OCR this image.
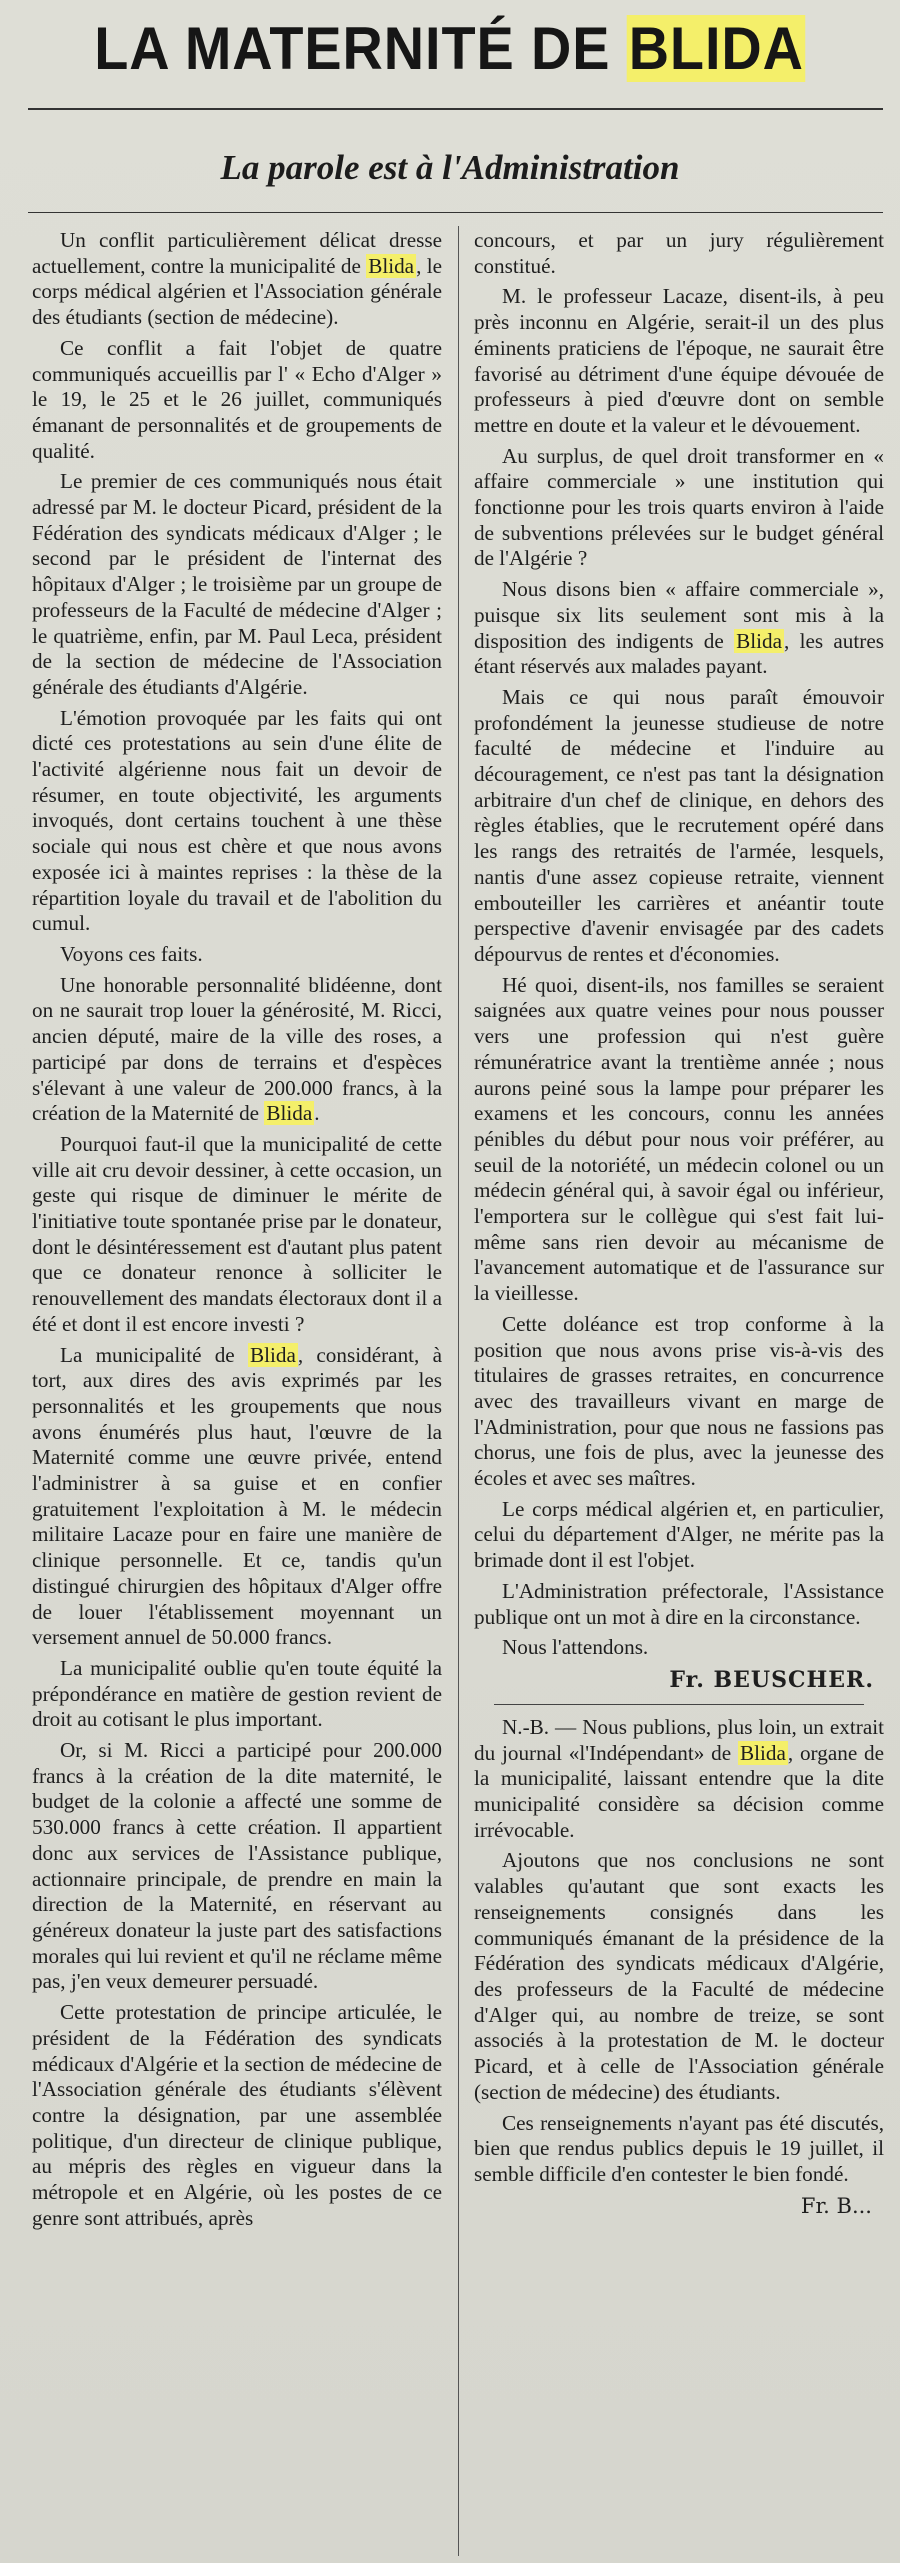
LA MATERNITÉ DE BLIDA
La parole est à l'Administration

Un conflit particulièrement délicat dresse actuellement, contre la municipalité de Blida, le corps médical algérien et l'Association générale des étudiants (section de médecine).

Ce conflit a fait l'objet de quatre communiqués accueillis par l' « Echo d'Alger » le 19, le 25 et le 26 juillet, communiqués émanant de personnalités et de groupements de qualité.

Le premier de ces communiqués nous était adressé par M. le docteur Picard, président de la Fédération des syndicats médicaux d'Alger ; le second par le président de l'internat des hôpitaux d'Alger ; le troisième par un groupe de professeurs de la Faculté de médecine d'Alger ; le quatrième, enfin, par M. Paul Leca, président de la section de médecine de l'Association générale des étudiants d'Algérie.

L'émotion provoquée par les faits qui ont dicté ces protestations au sein d'une élite de l'activité algérienne nous fait un devoir de résumer, en toute objectivité, les arguments invoqués, dont certains touchent à une thèse sociale qui nous est chère et que nous avons exposée ici à maintes reprises : la thèse de la répartition loyale du travail et de l'abolition du cumul.

Voyons ces faits.

Une honorable personnalité blidéenne, dont on ne saurait trop louer la générosité, M. Ricci, ancien député, maire de la ville des roses, a participé par dons de terrains et d'espèces s'élevant à une valeur de 200.000 francs, à la création de la Maternité de Blida.

Pourquoi faut-il que la municipalité de cette ville ait cru devoir dessiner, à cette occasion, un geste qui risque de diminuer le mérite de l'initiative toute spontanée prise par le donateur, dont le désintéressement est d'autant plus patent que ce donateur renonce à solliciter le renouvellement des mandats électoraux dont il a été et dont il est encore investi ?

La municipalité de Blida, considérant, à tort, aux dires des avis exprimés par les personnalités et les groupements que nous avons énumérés plus haut, l'œuvre de la Maternité comme une œuvre privée, entend l'administrer à sa guise et en confier gratuitement l'exploitation à M. le médecin militaire Lacaze pour en faire une manière de clinique personnelle. Et ce, tandis qu'un distingué chirurgien des hôpitaux d'Alger offre de louer l'établissement moyennant un versement annuel de 50.000 francs.

La municipalité oublie qu'en toute équité la prépondérance en matière de gestion revient de droit au cotisant le plus important.

Or, si M. Ricci a participé pour 200.000 francs à la création de la dite maternité, le budget de la colonie a affecté une somme de 530.000 francs à cette création. Il appartient donc aux services de l'Assistance publique, actionnaire principale, de prendre en main la direction de la Maternité, en réservant au généreux donateur la juste part des satisfactions morales qui lui revient et qu'il ne réclame même pas, j'en veux demeurer persuadé.

Cette protestation de principe articulée, le président de la Fédération des syndicats médicaux d'Algérie et la section de médecine de l'Association générale des étudiants s'élèvent contre la désignation, par une assemblée politique, d'un directeur de clinique publique, au mépris des règles en vigueur dans la métropole et en Algérie, où les postes de ce genre sont attribués, après

concours, et par un jury régulièrement constitué.

M. le professeur Lacaze, disent-ils, à peu près inconnu en Algérie, serait-il un des plus éminents praticiens de l'époque, ne saurait être favorisé au détriment d'une équipe dévouée de professeurs à pied d'œuvre dont on semble mettre en doute et la valeur et le dévouement.

Au surplus, de quel droit transformer en « affaire commerciale » une institution qui fonctionne pour les trois quarts environ à l'aide de subventions prélevées sur le budget général de l'Algérie ?

Nous disons bien « affaire commerciale », puisque six lits seulement sont mis à la disposition des indigents de Blida, les autres étant réservés aux malades payant.

Mais ce qui nous paraît émouvoir profondément la jeunesse studieuse de notre faculté de médecine et l'induire au découragement, ce n'est pas tant la désignation arbitraire d'un chef de clinique, en dehors des règles établies, que le recrutement opéré dans les rangs des retraités de l'armée, lesquels, nantis d'une assez copieuse retraite, viennent embouteiller les carrières et anéantir toute perspective d'avenir envisagée par des cadets dépourvus de rentes et d'économies.

Hé quoi, disent-ils, nos familles se seraient saignées aux quatre veines pour nous pousser vers une profession qui n'est guère rémunératrice avant la trentième année ; nous aurons peiné sous la lampe pour préparer les examens et les concours, connu les années pénibles du début pour nous voir préférer, au seuil de la notoriété, un médecin colonel ou un médecin général qui, à savoir égal ou inférieur, l'emportera sur le collègue qui s'est fait lui-même sans rien devoir au mécanisme de l'avancement automatique et de l'assurance sur la vieillesse.

Cette doléance est trop conforme à la position que nous avons prise vis-à-vis des titulaires de grasses retraites, en concurrence avec des travailleurs vivant en marge de l'Administration, pour que nous ne fassions pas chorus, une fois de plus, avec la jeunesse des écoles et avec ses maîtres.

Le corps médical algérien et, en particulier, celui du département d'Alger, ne mérite pas la brimade dont il est l'objet.

L'Administration préfectorale, l'Assistance publique ont un mot à dire en la circonstance.

Nous l'attendons.

Fr. BEUSCHER.

N.-B. — Nous publions, plus loin, un extrait du journal «l'Indépendant» de Blida, organe de la municipalité, laissant entendre que la dite municipalité considère sa décision comme irrévocable.

Ajoutons que nos conclusions ne sont valables qu'autant que sont exacts les renseignements consignés dans les communiqués émanant de la présidence de la Fédération des syndicats médicaux d'Algérie, des professeurs de la Faculté de médecine d'Alger qui, au nombre de treize, se sont associés à la protestation de M. le docteur Picard, et à celle de l'Association générale (section de médecine) des étudiants.

Ces renseignements n'ayant pas été discutés, bien que rendus publics depuis le 19 juillet, il semble difficile d'en contester le bien fondé.

Fr. B...
